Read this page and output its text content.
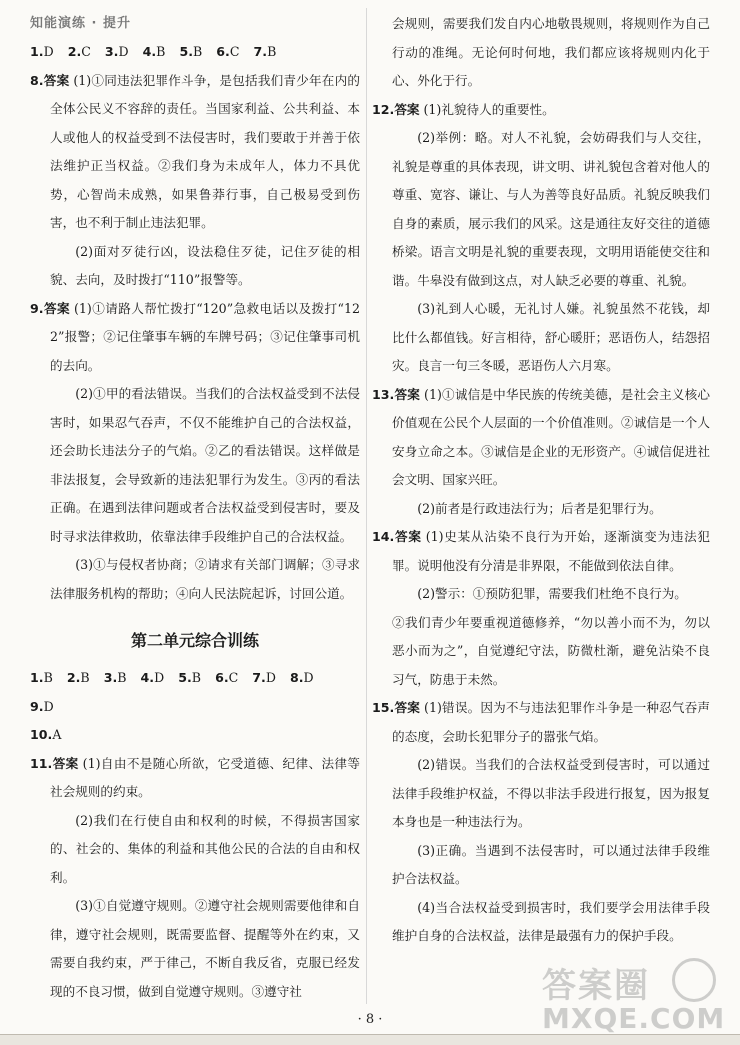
知能演练 · 提升

1.D 2.C 3.D 4.B 5.B 6.C 7.B

8.答案 (1)①同违法犯罪作斗争，是包括我们青少年在内的全体公民义不容辞的责任。当国家利益、公共利益、本人或他人的权益受到不法侵害时，我们要敢于并善于依法维护正当权益。②我们身为未成年人，体力不具优势，心智尚未成熟，如果鲁莽行事，自己极易受到伤害，也不利于制止违法犯罪。

(2)面对歹徒行凶，设法稳住歹徒，记住歹徒的相貌、去向，及时拨打“110”报警等。

9.答案 (1)①请路人帮忙拨打“120”急救电话以及拨打“122”报警；②记住肇事车辆的车牌号码；③记住肇事司机的去向。

(2)①甲的看法错误。当我们的合法权益受到不法侵害时，如果忍气吞声，不仅不能维护自己的合法权益，还会助长违法分子的气焰。②乙的看法错误。这样做是非法报复，会导致新的违法犯罪行为发生。③丙的看法正确。在遇到法律问题或者合法权益受到侵害时，要及时寻求法律救助，依靠法律手段维护自己的合法权益。

(3)①与侵权者协商；②请求有关部门调解；③寻求法律服务机构的帮助；④向人民法院起诉，讨回公道。

第二单元综合训练

1.B 2.B 3.B 4.D 5.B 6.C 7.D 8.D 9.D

10.A

11.答案 (1)自由不是随心所欲，它受道德、纪律、法律等社会规则的约束。

(2)我们在行使自由和权利的时候，不得损害国家的、社会的、集体的利益和其他公民的合法的自由和权利。

(3)①自觉遵守规则。②遵守社会规则需要他律和自律，遵守社会规则，既需要监督、提醒等外在约束，又需要自我约束，严于律己，不断自我反省，克服已经发现的不良习惯，做到自觉遵守规则。③遵守社

会规则，需要我们发自内心地敬畏规则，将规则作为自己行动的准绳。无论何时何地，我们都应该将规则内化于心、外化于行。

12.答案 (1)礼貌待人的重要性。

(2)举例：略。对人不礼貌，会妨碍我们与人交往，礼貌是尊重的具体表现，讲文明、讲礼貌包含着对他人的尊重、宽容、谦让、与人为善等良好品质。礼貌反映我们自身的素质，展示我们的风采。这是通往友好交往的道德桥梁。语言文明是礼貌的重要表现，文明用语能使交往和谐。牛皋没有做到这点，对人缺乏必要的尊重、礼貌。

(3)礼到人心暖，无礼讨人嫌。礼貌虽然不花钱，却比什么都值钱。好言相待，舒心暖肝；恶语伤人，结怨招灾。良言一句三冬暖，恶语伤人六月寒。

13.答案 (1)①诚信是中华民族的传统美德，是社会主义核心价值观在公民个人层面的一个价值准则。②诚信是一个人安身立命之本。③诚信是企业的无形资产。④诚信促进社会文明、国家兴旺。

(2)前者是行政违法行为；后者是犯罪行为。

14.答案 (1)史某从沾染不良行为开始，逐渐演变为违法犯罪。说明他没有分清是非界限，不能做到依法自律。

(2)警示：①预防犯罪，需要我们杜绝不良行为。

②我们青少年要重视道德修养，“勿以善小而不为，勿以恶小而为之”，自觉遵纪守法，防微杜渐，避免沾染不良习气，防患于未然。

15.答案 (1)错误。因为不与违法犯罪作斗争是一种忍气吞声的态度，会助长犯罪分子的嚣张气焰。

(2)错误。当我们的合法权益受到侵害时，可以通过法律手段维护权益，不得以非法手段进行报复，因为报复本身也是一种违法行为。

(3)正确。当遇到不法侵害时，可以通过法律手段维护合法权益。

(4)当合法权益受到损害时，我们要学会用法律手段维护自身的合法权益，法律是最强有力的保护手段。

· 8 ·
答案圈
MXQE.COM
